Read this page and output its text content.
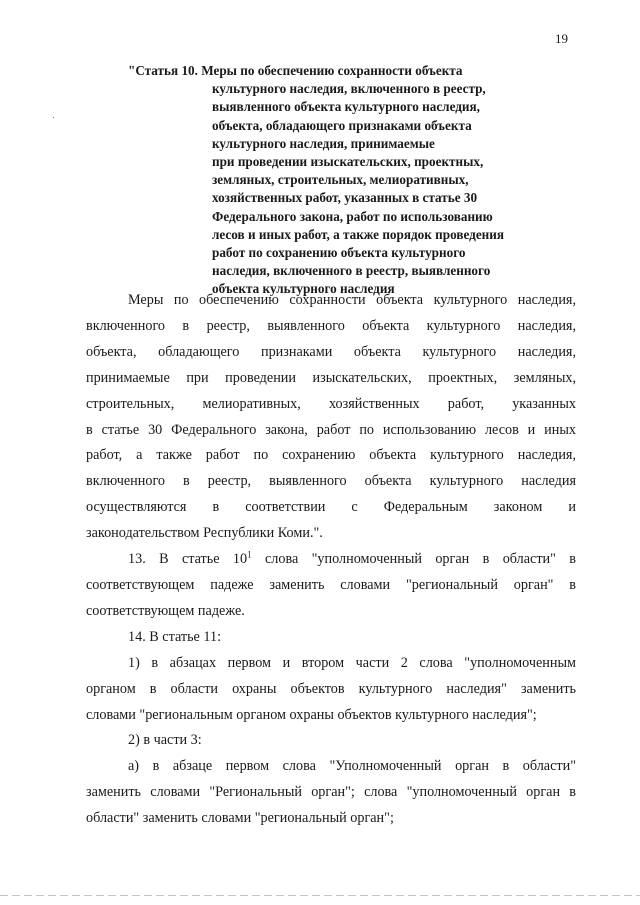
19
"Статья 10. Меры по обеспечению сохранности объекта
культурного наследия, включенного в реестр,
выявленного объекта культурного наследия,
объекта, обладающего признаками объекта
культурного наследия, принимаемые
при проведении изыскательских, проектных,
земляных, строительных, мелиоративных,
хозяйственных работ, указанных в статье 30
Федерального закона, работ по использованию
лесов и иных работ, а также порядок проведения
работ по сохранению объекта культурного
наследия, включенного в реестр, выявленного
объекта культурного наследия
Меры по обеспечению сохранности объекта культурного наследия,
включенного в реестр, выявленного объекта культурного наследия,
объекта, обладающего признаками объекта культурного наследия,
принимаемые при проведении изыскательских, проектных, земляных,
строительных, мелиоративных, хозяйственных работ, указанных
в статье 30 Федерального закона, работ по использованию лесов и иных
работ, а также работ по сохранению объекта культурного наследия,
включенного в реестр, выявленного объекта культурного наследия
осуществляются в соответствии с Федеральным законом и
законодательством Республики Коми.".
13. В статье $10^1$ слова "уполномоченный орган в области" в
соответствующем падеже заменить словами "региональный орган" в
соответствующем падеже.
14. В статье 11:
1) в абзацах первом и втором части 2 слова "уполномоченным
органом в области охраны объектов культурного наследия" заменить
словами "региональным органом охраны объектов культурного наследия";
2) в части 3:
а) в абзаце первом слова "Уполномоченный орган в области"
заменить словами "Региональный орган"; слова "уполномоченный орган в
области" заменить словами "региональный орган";
